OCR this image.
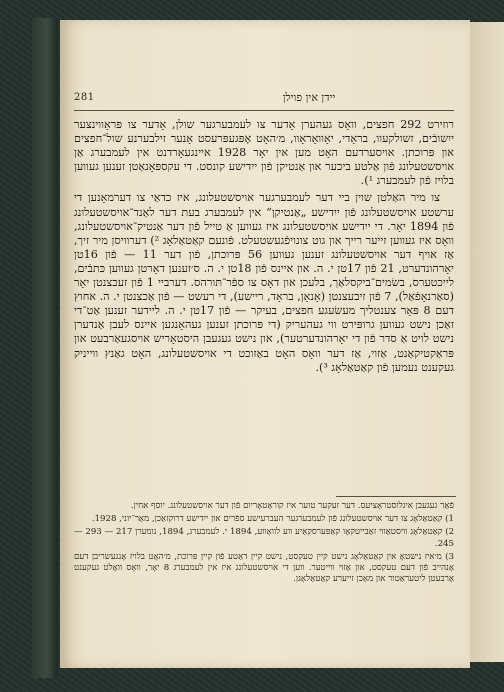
281	יידן אין פוילן

רוזירט 292 חפצים, וואָס געהערן אָדער צו לעמבערגער שולן, אָדער צו פּראָווינצער ייִשובֿים, זשולקעוו, בראָדי, יאָוואָראָוו, מ׳האָט אָפּגעפּרעסט אָנער זילבערנע שול־חפצים און פּרוכתן. אויסערדעם האָט מען אין יאָר 1928 איינגעאָרדנט אין לעמבערג אַן אויסשטעלונג פֿון אַלטע ביכער און אַנטיקן פֿון ייִדישע קונסט. די עקספּאָנאַטן זענען געווען בלויז פֿון לעמבערג ¹).

צו מיר האַלטן שוין ביי דער לעמבערגער אויסשטעלונג, איז כדאַי צו דערמאָנען די ערשטע אויסשטעלונג פֿון ייִדישע „אַנטיקן“ אין לעמבערג בעת דער לאַנד־אויסשטעלונג פֿון 1894 יאָר. די ייִדישע אויסשטעלונג איז געווען אַ טייל פֿון דער אַנטיק־אויסשטעלונג, וואָס איז געווען זייער רייך און גוט צונויפֿגעשטעלט. פֿונעם קאַטאַלאָג ²) דערוויסן מיר זיך, אַז אויף דער אויסשטעלונג זענען געווען 56 פּרוכתן, פֿון דער 11 — פֿון 16טן יאָרהונדערט, 21 פֿון 17טן י. ה. און איינס פֿון 18טן י. ה. ס׳זענען דאָרטן געווען כּתבֿים, לייכטערס, בשׂמים־ביקסלאַך, בלעכן און דאָס צו ספֿר־תּורהס. דערביי 1 פֿון זעכצנטן יאָר (סאַרנאָפֿאַל), 7 פֿון זיבעצנטן (אָנאָן, בראָד, ריישע), די רעשט — פֿון אַכצנטן י. ה. אחוץ דעם 8 פּאָר צענטליך מעשׂעגע חפצים, בעיקר — פֿון 17טן י. ה. ליידער זענען אַט־די זאַכן נישט געווען גרופּירט ווי געהעריק (די פּרוכתן זענען געהאָנגען איינס לעבן אַנדערן נישט לויט אַ סדר פֿון די יאָרהונדערטער), און נישט געגעבן היסטאָריש אויסגעאַרבעט און פּראַקטיקאַנט, אַזוי, אַז דער וואָס האָט באַזוכט די אויסשטעלונג, האָט גאַנץ ווייניק געקענט נעמען פֿון קאַטאַלאָג ³).

פֿאַר געגעבן איגלוסטראַציעס. דער זעקער טוער איז קוראַטאָריום פֿון דער אויסשטעלונג. יוסף אחין.

1) קאַטאַלאָג צו דער אויסשטעלונג פֿון לעמבערגער העברעישע ספֿרים און ייִדישע דרוקזאַכן, מאַר־יוני, 1928.

2) קאַטאַלאָג וויסטאַווי זאַבייטקאָו קאַפּערסקאַיע ווע לוואָווע, 1894 י. לעמבערג, 1894, נומערן 217 — 293 — 245.

3) מ׳איז נישטאָ אין קאַטאַלאָג נישט קיין טעקסט, נישט קיין דאַטע פֿון קיין פּרוכת, מ׳האָט בלויז אָנגעשריבן דעם אָנהייב פֿון דעם טעקסט, און אַזוי ווייטער. ווען די אויסשטעלונג איז אין לעמבערג 8 יאָר, וואָס וואָלט געקענט אַרבעטן ליטעראַטור און מאַכן זייערע קאַטאַלאָגן.
